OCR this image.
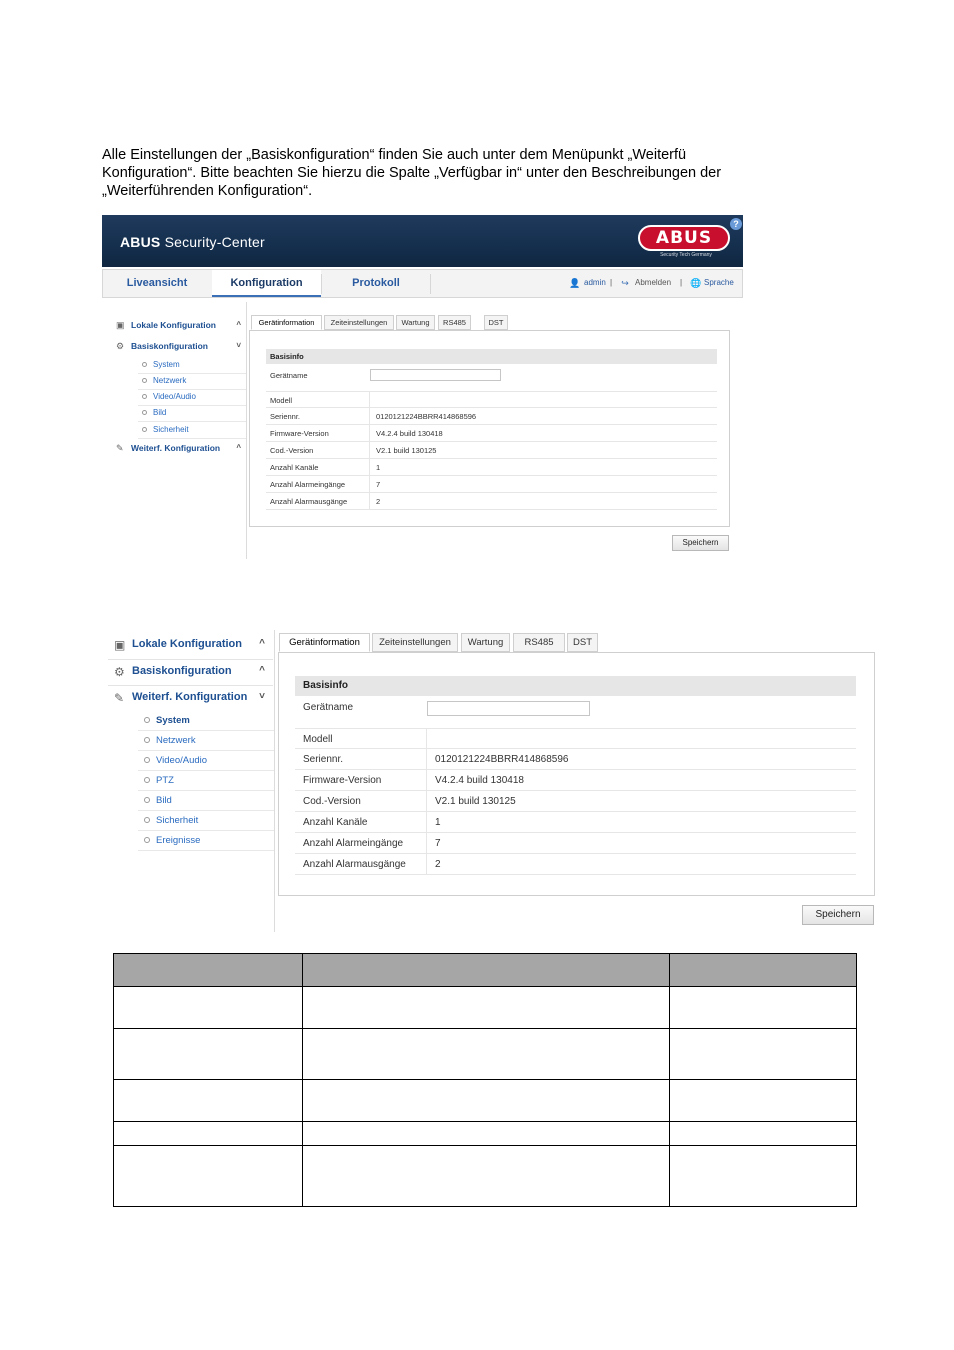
Alle Einstellungen der „Basiskonfiguration“ finden Sie auch unter dem Menüpunkt „Weiterfü
Konfiguration“. Bitte beachten Sie hierzu die Spalte „Verfügbar in“ unter den Beschreibungen der
„Weiterführenden Konfiguration“.
ABUS Security-Center	ABUS
Security Tech Germany
?
Liveansicht	Konfiguration	Protokoll	👤 admin | ↪ Abmelden | 🌐 Sprache
▣ Lokale Konfiguration	^
⚙ Basiskonfiguration	˅
System
Netzwerk
Video/Audio
Bild
Sicherheit
✎ Weiterf. Konfiguration ^
Gerätinformation	Zeiteinstellungen	Wartung	RS485	DST
Basisinfo
Gerätname
Modell
Seriennr.	0120121224BBRR414868596
Firmware-Version	V4.2.4 build 130418
Cod.-Version	V2.1 build 130125
Anzahl Kanäle	1
Anzahl Alarmeingänge	7
Anzahl Alarmausgänge	2
Speichern
▣ Lokale Konfiguration ^
⚙ Basiskonfiguration	^
✎ Weiterf. Konfiguration ˅
System
Netzwerk
Video/Audio
PTZ
Bild
Sicherheit
Ereignisse
Gerätinformation	Zeiteinstellungen	Wartung	RS485	DST
Basisinfo
Gerätname
Modell
Seriennr.	0120121224BBRR414868596
Firmware-Version	V4.2.4 build 130418
Cod.-Version	V2.1 build 130125
Anzahl Kanäle	1
Anzahl Alarmeingänge	7
Anzahl Alarmausgänge	2
Speichern
